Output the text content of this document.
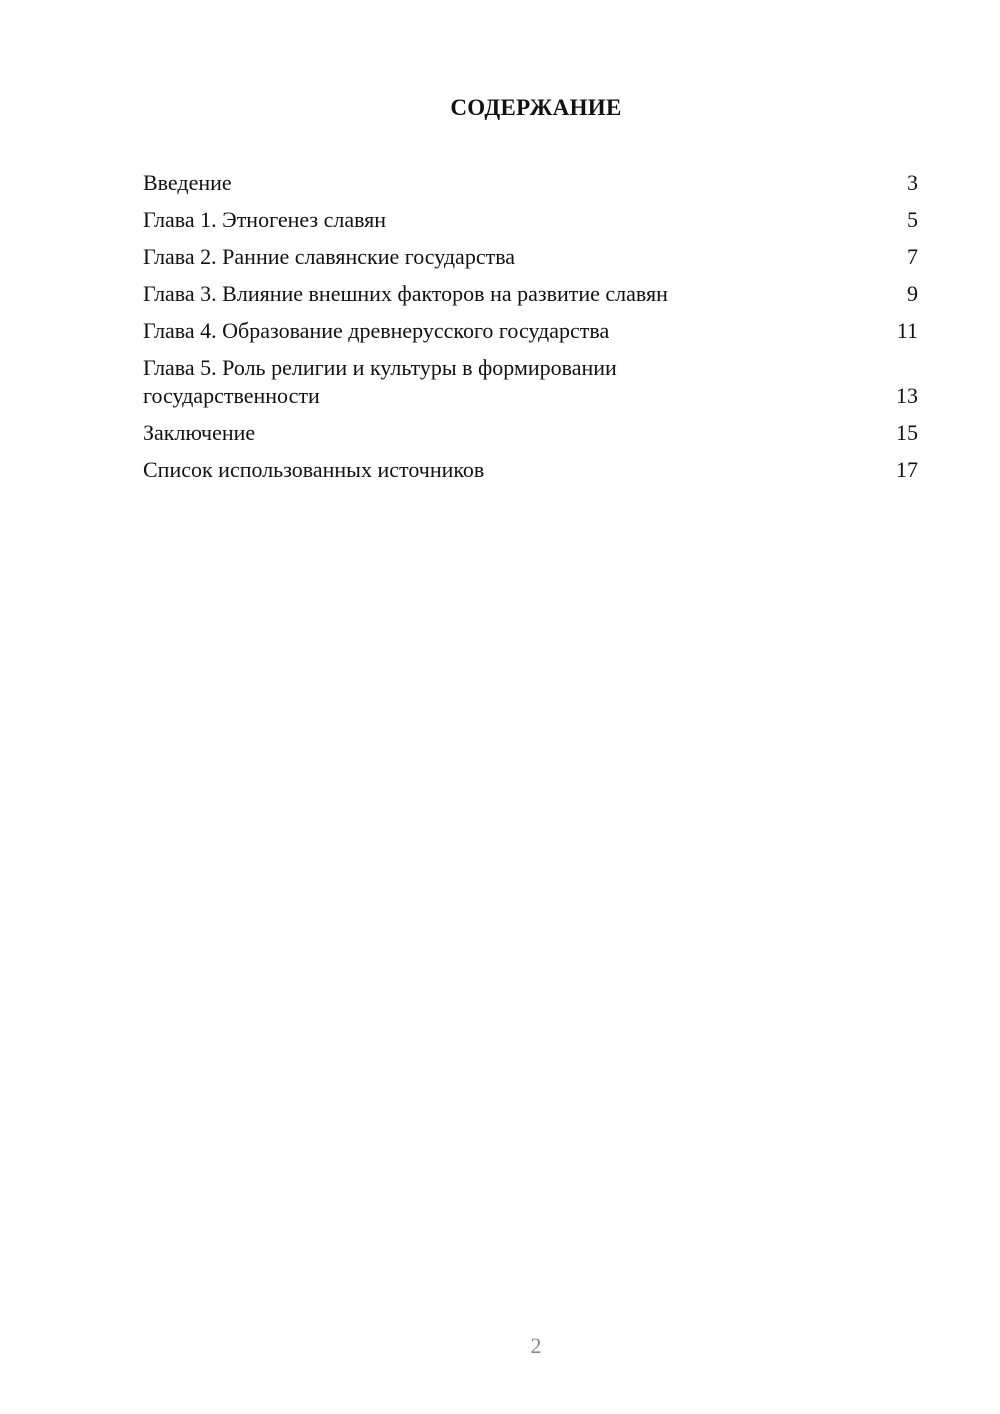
СОДЕРЖАНИЕ
Введение	3
Глава 1. Этногенез славян	5
Глава 2. Ранние славянские государства	7
Глава 3. Влияние внешних факторов на развитие славян	9
Глава 4. Образование древнерусского государства	11
Глава 5. Роль религии и культуры в формировании государственности	13
Заключение	15
Список использованных источников	17
2
